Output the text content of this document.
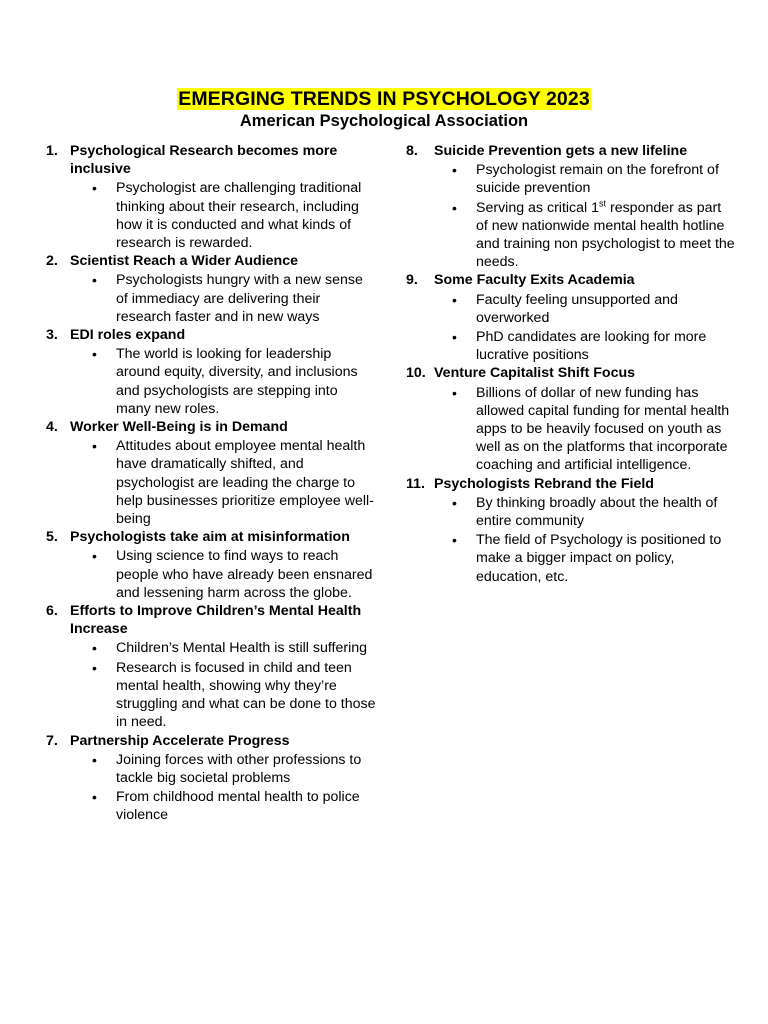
EMERGING TRENDS IN PSYCHOLOGY 2023
American Psychological Association
1. Psychological Research becomes more inclusive
• Psychologist are challenging traditional thinking about their research, including how it is conducted and what kinds of research is rewarded.
2. Scientist Reach a Wider Audience
• Psychologists hungry with a new sense of immediacy are delivering their research faster and in new ways
3. EDI roles expand
• The world is looking for leadership around equity, diversity, and inclusions and psychologists are stepping into many new roles.
4. Worker Well-Being is in Demand
• Attitudes about employee mental health have dramatically shifted, and psychologist are leading the charge to help businesses prioritize employee well-being
5. Psychologists take aim at misinformation
• Using science to find ways to reach people who have already been ensnared and lessening harm across the globe.
6. Efforts to Improve Children’s Mental Health Increase
• Children’s Mental Health is still suffering
• Research is focused in child and teen mental health, showing why they’re struggling and what can be done to those in need.
7. Partnership Accelerate Progress
• Joining forces with other professions to tackle big societal problems
• From childhood mental health to police violence
8. Suicide Prevention gets a new lifeline
• Psychologist remain on the forefront of suicide prevention
• Serving as critical 1st responder as part of new nationwide mental health hotline and training non psychologist to meet the needs.
9. Some Faculty Exits Academia
• Faculty feeling unsupported and overworked
• PhD candidates are looking for more lucrative positions
10. Venture Capitalist Shift Focus
• Billions of dollar of new funding has allowed capital funding for mental health apps to be heavily focused on youth as well as on the platforms that incorporate coaching and artificial intelligence.
11. Psychologists Rebrand the Field
• By thinking broadly about the health of entire community
• The field of Psychology is positioned to make a bigger impact on policy, education, etc.
